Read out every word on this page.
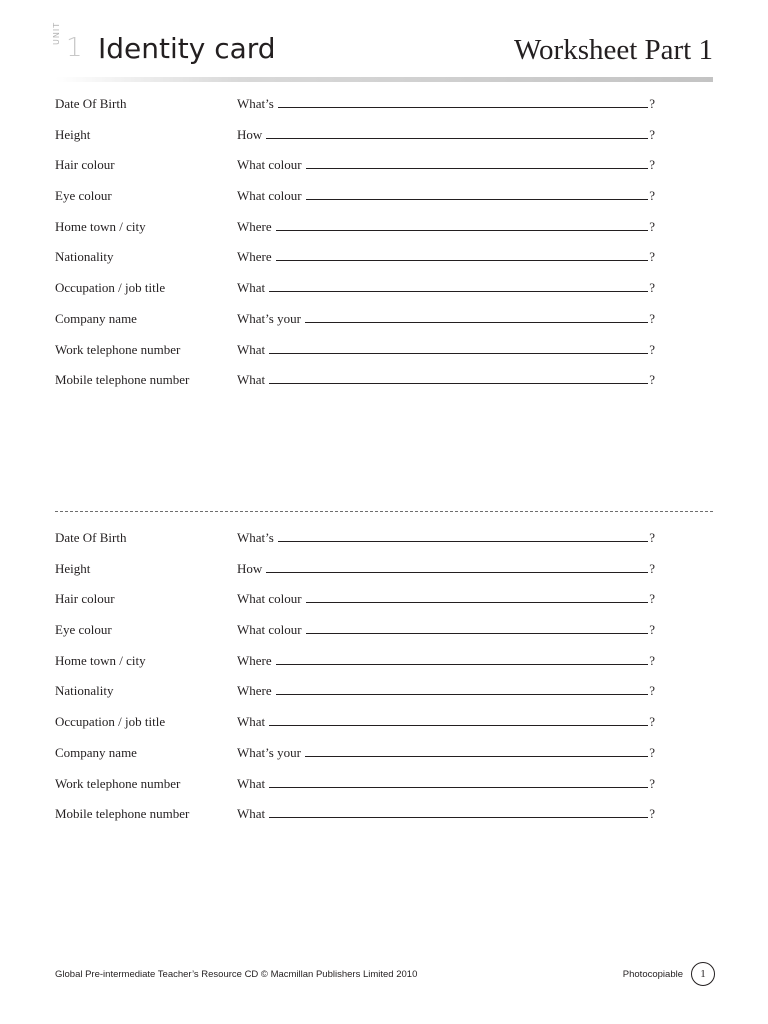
UNIT 1 Identity card	Worksheet Part 1
Date Of Birth	What’s	?
Height	How	?
Hair colour	What colour	?
Eye colour	What colour	?
Home town / city	Where	?
Nationality	Where	?
Occupation / job title	What	?
Company name	What’s your	?
Work telephone number	What	?
Mobile telephone number	What	?
Date Of Birth	What’s	?
Height	How	?
Hair colour	What colour	?
Eye colour	What colour	?
Home town / city	Where	?
Nationality	Where	?
Occupation / job title	What	?
Company name	What’s your	?
Work telephone number	What	?
Mobile telephone number	What	?
Global Pre-intermediate Teacher’s Resource CD © Macmillan Publishers Limited 2010	Photocopiable	1
